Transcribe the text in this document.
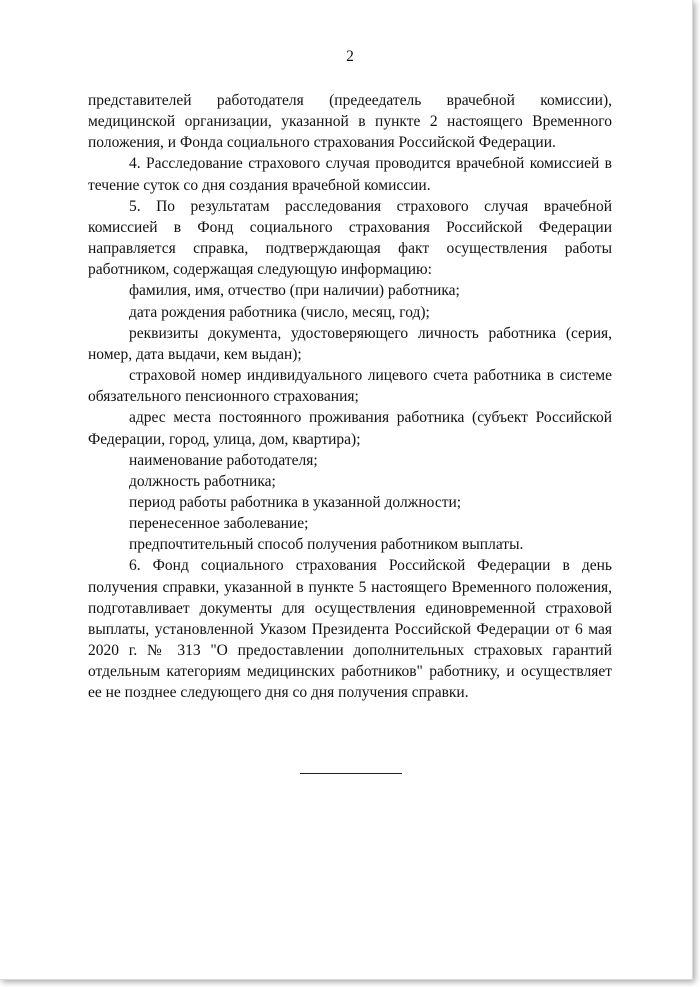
2

представителей работодателя (предеедатель врачебной комиссии), медицинской организации, указанной в пункте 2 настоящего Временного положения, и Фонда социального страхования Российской Федерации.

4. Расследование страхового случая проводится врачебной комиссией в течение суток со дня создания врачебной комиссии.

5. По результатам расследования страхового случая врачебной комиссией в Фонд социального страхования Российской Федерации направляется справка, подтверждающая факт осуществления работы работником, содержащая следующую информацию:

фамилия, имя, отчество (при наличии) работника;

дата рождения работника (число, месяц, год);

реквизиты документа, удостоверяющего личность работника (серия, номер, дата выдачи, кем выдан);

страховой номер индивидуального лицевого счета работника в системе обязательного пенсионного страхования;

адрес места постоянного проживания работника (субъект Российской Федерации, город, улица, дом, квартира);

наименование работодателя;

должность работника;

период работы работника в указанной должности;

перенесенное заболевание;

предпочтительный способ получения работником выплаты.

6. Фонд социального страхования Российской Федерации в день получения справки, указанной в пункте 5 настоящего Временного положения, подготавливает документы для осуществления единовременной страховой выплаты, установленной Указом Президента Российской Федерации от 6 мая 2020 г. № 313 "О предоставлении дополнительных страховых гарантий отдельным категориям медицинских работников" работнику, и осуществляет ее не позднее следующего дня со дня получения справки.
